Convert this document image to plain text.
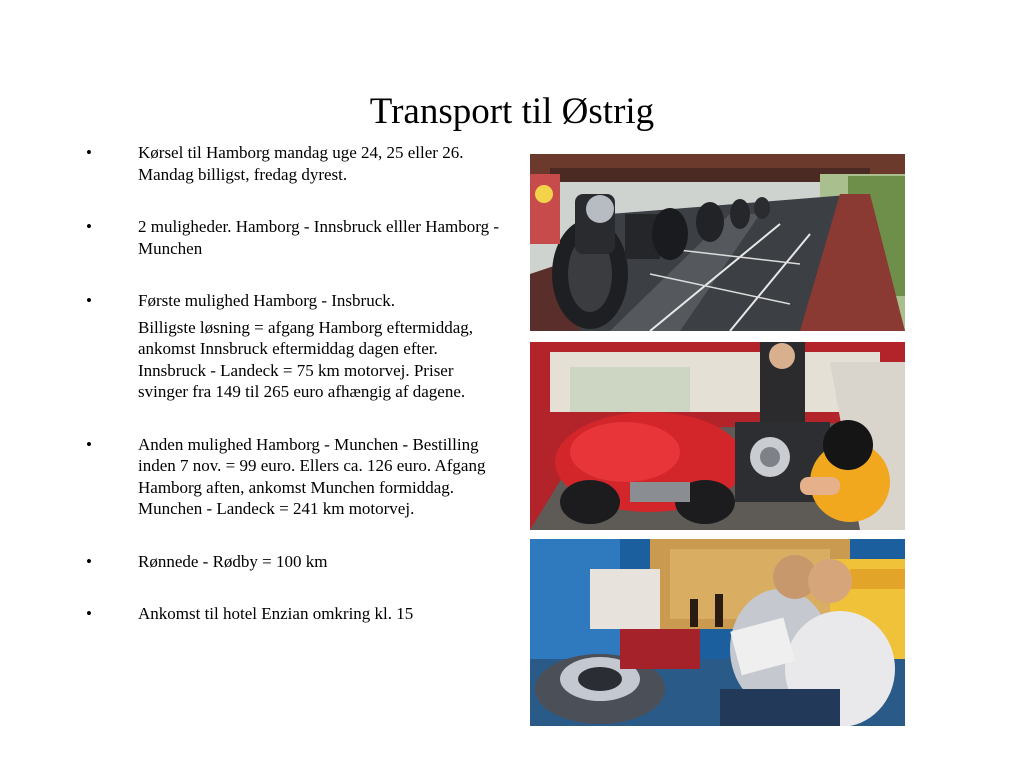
Transport til Østrig
•	Kørsel til Hamborg mandag uge 24, 25 eller 26. Mandag billigst, fredag dyrest.
•	2 muligheder. Hamborg - Innsbruck elller Hamborg - Munchen
•	Første mulighed Hamborg - Insbruck.
Billigste løsning = afgang Hamborg eftermiddag, ankomst Innsbruck eftermiddag dagen efter. Innsbruck - Landeck = 75 km motorvej. Priser svinger fra 149 til 265 euro afhængig af dagene.
•	Anden mulighed Hamborg - Munchen - Bestilling inden 7 nov. = 99 euro. Ellers ca. 126 euro. Afgang Hamborg aften, ankomst Munchen formiddag. Munchen - Landeck = 241 km motorvej.
•	Rønnede - Rødby = 100 km
•	Ankomst til hotel Enzian omkring kl. 15
